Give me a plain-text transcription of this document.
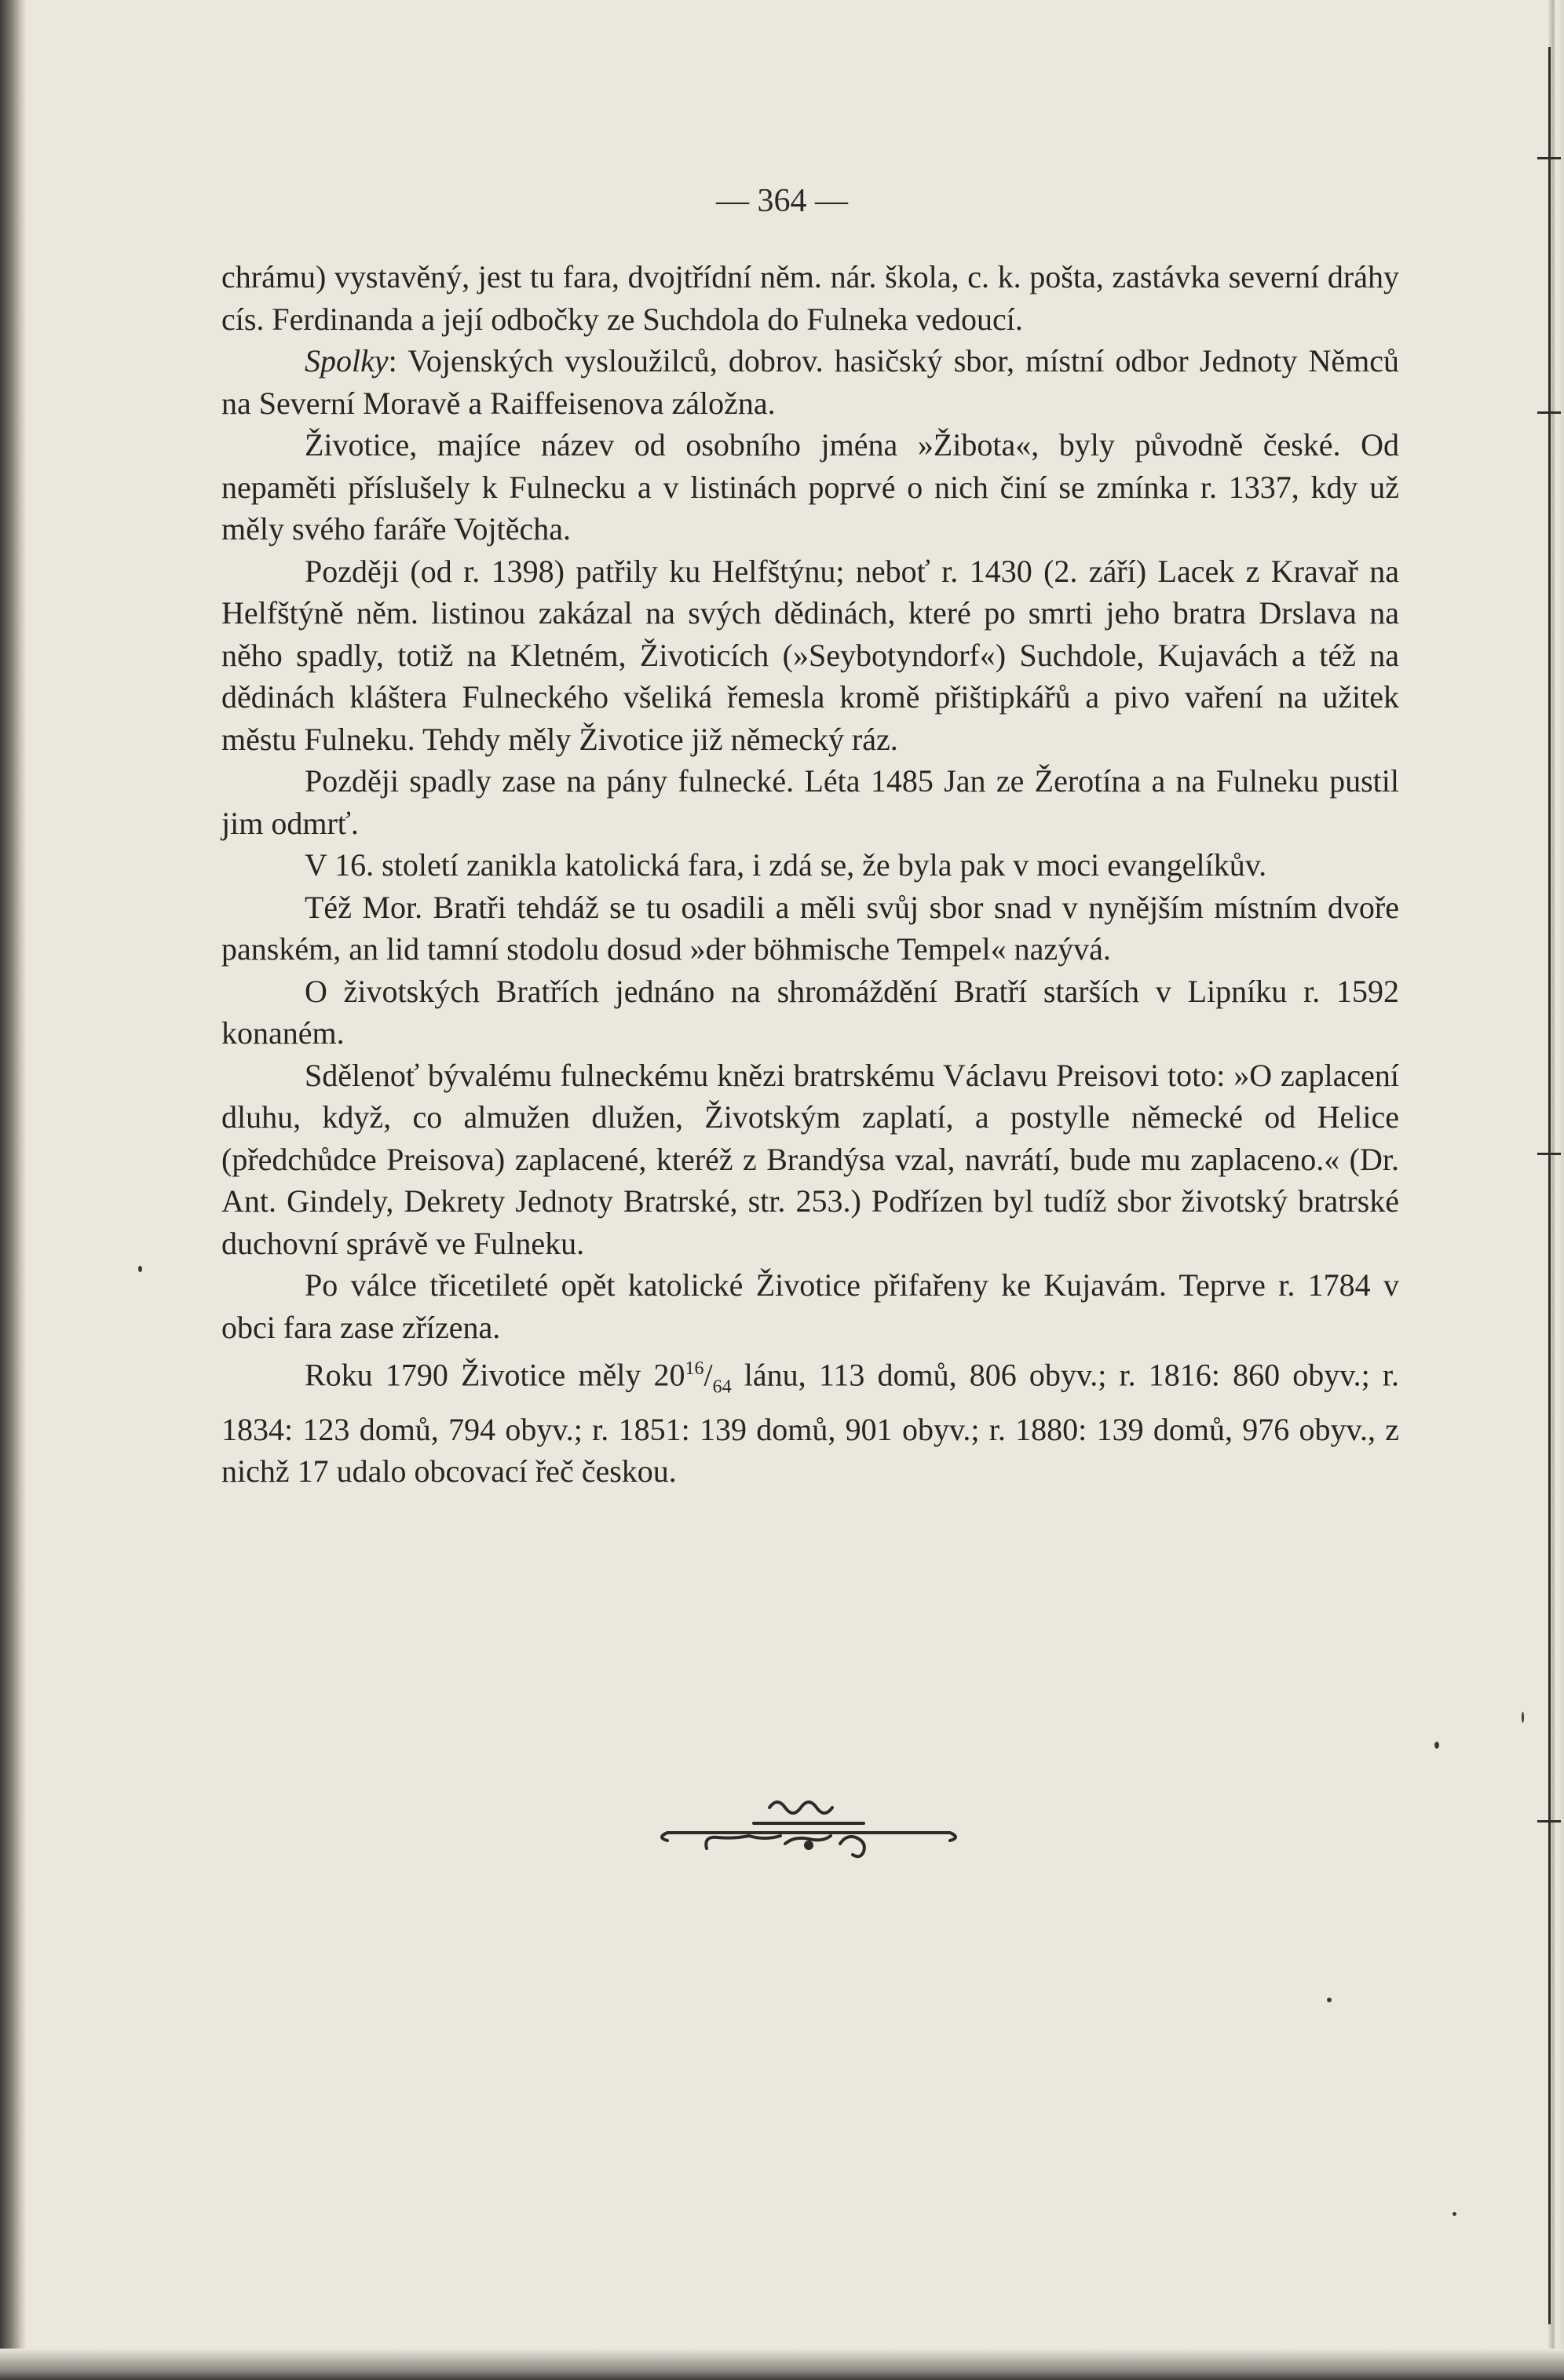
— 364 —

chrámu) vystavěný, jest tu fara, dvojtřídní něm. nár. škola, c. k. pošta, zastávka severní dráhy cís. Ferdinanda a její odbočky ze Suchdola do Fulneka vedoucí.

Spolky: Vojenských vysloužilců, dobrov. hasičský sbor, místní odbor Jednoty Němců na Severní Moravě a Raiffeisenova záložna.

Životice, majíce název od osobního jména »Žibota«, byly původně české. Od nepaměti příslušely k Fulnecku a v listinách poprvé o nich činí se zmínka r. 1337, kdy už měly svého faráře Vojtěcha.

Později (od r. 1398) patřily ku Helfštýnu; neboť r. 1430 (2. září) Lacek z Kravař na Helfštýně něm. listinou zakázal na svých dědinách, které po smrti jeho bratra Drslava na něho spadly, totiž na Kletném, Životicích (»Seybotyndorf«) Suchdole, Kujavách a též na dědinách kláštera Fulneckého všeliká řemesla kromě přištipkářů a pivo vaření na užitek městu Fulneku. Tehdy měly Životice již německý ráz.

Později spadly zase na pány fulnecké. Léta 1485 Jan ze Žerotína a na Fulneku pustil jim odmrť.

V 16. století zanikla katolická fara, i zdá se, že byla pak v moci evangelíkův.

Též Mor. Bratři tehdáž se tu osadili a měli svůj sbor snad v nynějším místním dvoře panském, an lid tamní stodolu dosud »der böhmische Tempel« nazývá.

O životských Bratřích jednáno na shromáždění Bratří starších v Lipníku r. 1592 konaném.

Sdělenoť bývalému fulneckému knězi bratrskému Václavu Preisovi toto: »O zaplacení dluhu, když, co almužen dlužen, Životským zaplatí, a postylle německé od Helice (předchůdce Preisova) zaplacené, kteréž z Brandýsa vzal, navrátí, bude mu zaplaceno.« (Dr. Ant. Gindely, Dekrety Jednoty Bratrské, str. 253.) Podřízen byl tudíž sbor životský bratrské duchovní správě ve Fulneku.

Po válce třicetileté opět katolické Životice přifařeny ke Kujavám. Teprve r. 1784 v obci fara zase zřízena.

Roku 1790 Životice měly $20^{16}/_{64}$ lánu, 113 domů, 806 obyv.; r. 1816: 860 obyv.; r. 1834: 123 domů, 794 obyv.; r. 1851: 139 domů, 901 obyv.; r. 1880: 139 domů, 976 obyv., z nichž 17 udalo obcovací řeč českou.
